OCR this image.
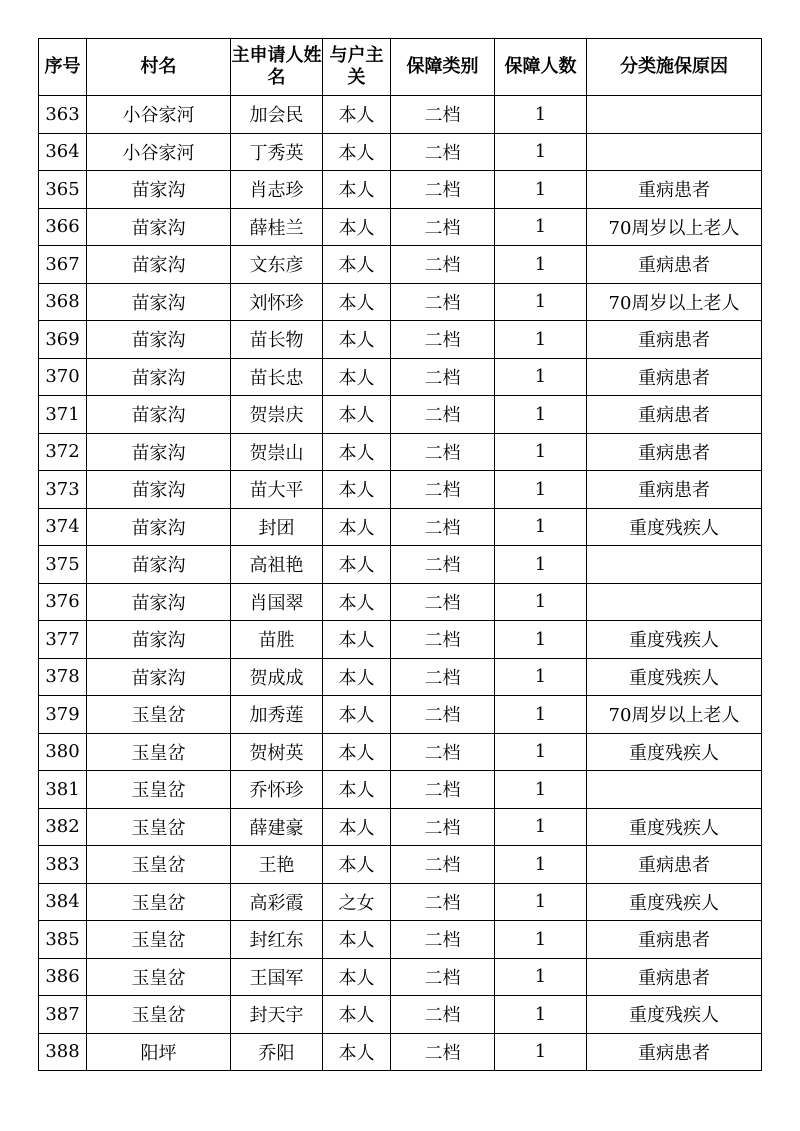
序号	村名	主申请人姓名	与户主关	保障类别	保障人数	分类施保原因
363	小谷家河	加会民	本人	二档	1	
364	小谷家河	丁秀英	本人	二档	1	
365	苗家沟	肖志珍	本人	二档	1	重病患者
366	苗家沟	薛桂兰	本人	二档	1	70周岁以上老人
367	苗家沟	文东彦	本人	二档	1	重病患者
368	苗家沟	刘怀珍	本人	二档	1	70周岁以上老人
369	苗家沟	苗长物	本人	二档	1	重病患者
370	苗家沟	苗长忠	本人	二档	1	重病患者
371	苗家沟	贺崇庆	本人	二档	1	重病患者
372	苗家沟	贺崇山	本人	二档	1	重病患者
373	苗家沟	苗大平	本人	二档	1	重病患者
374	苗家沟	封团	本人	二档	1	重度残疾人
375	苗家沟	高祖艳	本人	二档	1	
376	苗家沟	肖国翠	本人	二档	1	
377	苗家沟	苗胜	本人	二档	1	重度残疾人
378	苗家沟	贺成成	本人	二档	1	重度残疾人
379	玉皇岔	加秀莲	本人	二档	1	70周岁以上老人
380	玉皇岔	贺树英	本人	二档	1	重度残疾人
381	玉皇岔	乔怀珍	本人	二档	1	
382	玉皇岔	薛建豪	本人	二档	1	重度残疾人
383	玉皇岔	王艳	本人	二档	1	重病患者
384	玉皇岔	高彩霞	之女	二档	1	重度残疾人
385	玉皇岔	封红东	本人	二档	1	重病患者
386	玉皇岔	王国军	本人	二档	1	重病患者
387	玉皇岔	封天宇	本人	二档	1	重度残疾人
388	阳坪	乔阳	本人	二档	1	重病患者
